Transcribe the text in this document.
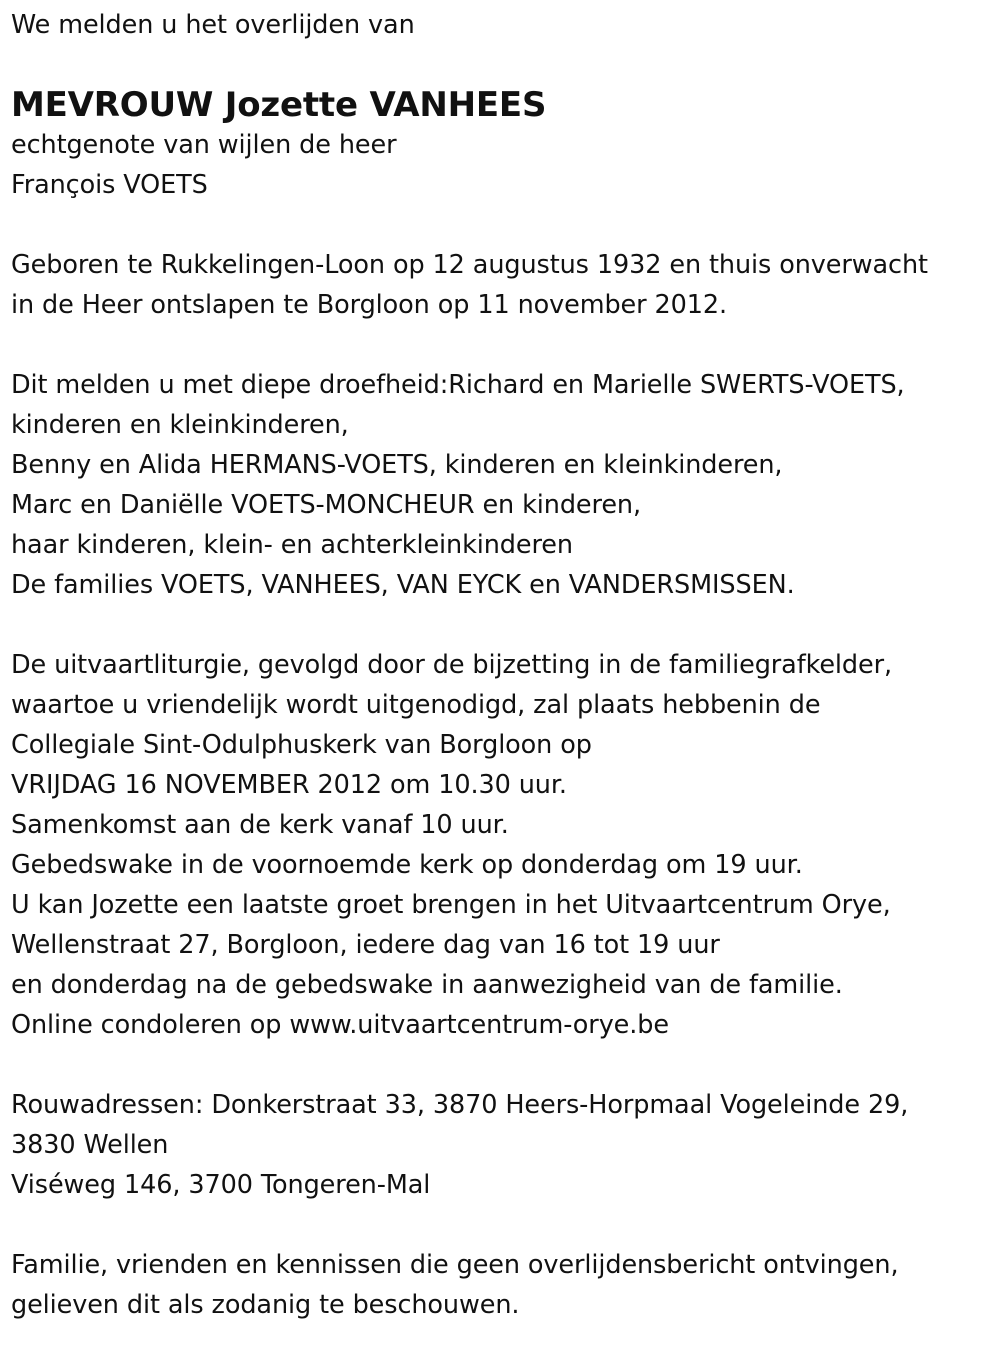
We melden u het overlijden van
MEVROUW Jozette VANHEES
echtgenote van wijlen de heer
François VOETS
Geboren te Rukkelingen-Loon op 12 augustus 1932 en thuis onverwacht
in de Heer ontslapen te Borgloon op 11 november 2012.
Dit melden u met diepe droefheid:Richard en Marielle SWERTS-VOETS,
kinderen en kleinkinderen,
Benny en Alida HERMANS-VOETS, kinderen en kleinkinderen,
Marc en Daniëlle VOETS-MONCHEUR en kinderen,
haar kinderen, klein- en achterkleinkinderen
De families VOETS, VANHEES, VAN EYCK en VANDERSMISSEN.
De uitvaartliturgie, gevolgd door de bijzetting in de familiegrafkelder,
waartoe u vriendelijk wordt uitgenodigd, zal plaats hebbenin de
Collegiale Sint-Odulphuskerk van Borgloon op
VRIJDAG 16 NOVEMBER 2012 om 10.30 uur.
Samenkomst aan de kerk vanaf 10 uur.
Gebedswake in de voornoemde kerk op donderdag om 19 uur.
U kan Jozette een laatste groet brengen in het Uitvaartcentrum Orye,
Wellenstraat 27, Borgloon, iedere dag van 16 tot 19 uur
en donderdag na de gebedswake in aanwezigheid van de familie.
Online condoleren op www.uitvaartcentrum-orye.be
Rouwadressen: Donkerstraat 33, 3870 Heers-Horpmaal Vogeleinde 29,
3830 Wellen
Viséweg 146, 3700 Tongeren-Mal
Familie, vrienden en kennissen die geen overlijdensbericht ontvingen,
gelieven dit als zodanig te beschouwen.
